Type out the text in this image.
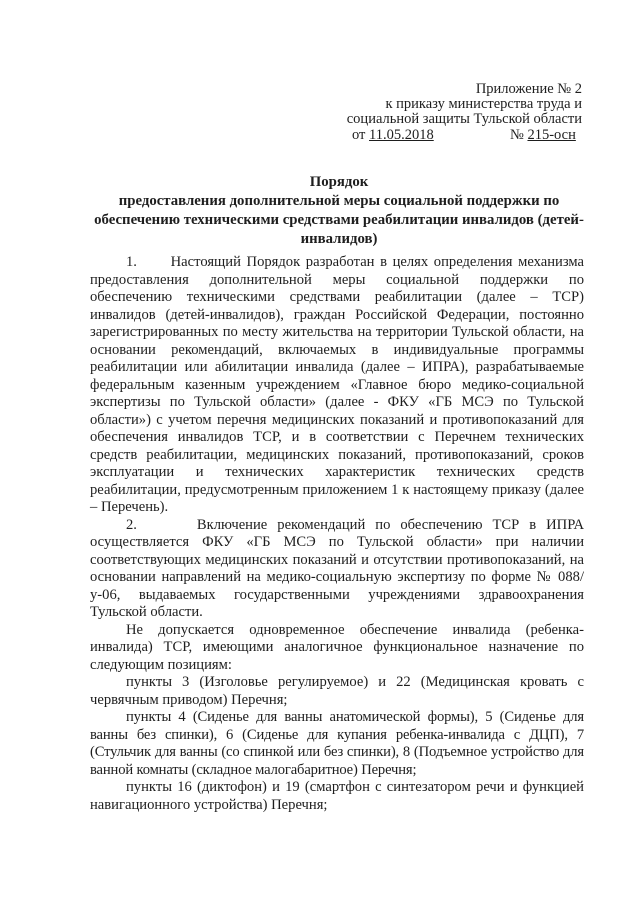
Приложение № 2
к приказу министерства труда и
социальной защиты Тульской области
от 11.05.2018	№ 215-осн
Порядок
предоставления дополнительной меры социальной поддержки по
обеспечению техническими средствами реабилитации инвалидов (детей-
инвалидов)

1.      Настоящий Порядок разработан в целях определения механизма предоставления дополнительной меры социальной поддержки по обеспечению техническими средствами реабилитации (далее – ТСР) инвалидов (детей-инвалидов), граждан Российской Федерации, постоянно зарегистрированных по месту жительства на территории Тульской области, на основании рекомендаций, включаемых в индивидуальные программы реабилитации или абилитации инвалида (далее – ИПРА), разрабатываемые федеральным казенным учреждением «Главное бюро медико-социальной экспертизы по Тульской области» (далее - ФКУ «ГБ МСЭ по Тульской области») с учетом перечня медицинских показаний и противопоказаний для обеспечения инвалидов ТСР, и в соответствии с Перечнем технических средств реабилитации, медицинских показаний, противопоказаний, сроков эксплуатации и технических характеристик технических средств реабилитации, предусмотренным приложением 1 к настоящему приказу (далее – Перечень).

2.      Включение рекомендаций по обеспечению ТСР в ИПРА осуществляется ФКУ «ГБ МСЭ по Тульской области» при наличии соответствующих медицинских показаний и отсутствии противопоказаний, на основании направлений на медико-социальную экспертизу по форме № 088/у-06, выдаваемых государственными учреждениями здравоохранения Тульской области.

Не допускается одновременное обеспечение инвалида (ребенка-инвалида) ТСР, имеющими аналогичное функциональное назначение по следующим позициям:

пункты 3 (Изголовье регулируемое) и 22 (Медицинская кровать с червячным приводом) Перечня;

пункты 4 (Сиденье для ванны анатомической формы), 5 (Сиденье для ванны без спинки), 6 (Сиденье для купания ребенка-инвалида с ДЦП), 7 (Стульчик для ванны (со спинкой или без спинки), 8 (Подъемное устройство для ванной комнаты (складное малогабаритное) Перечня;

пункты 16 (диктофон) и 19 (смартфон с синтезатором речи и функцией навигационного устройства) Перечня;
